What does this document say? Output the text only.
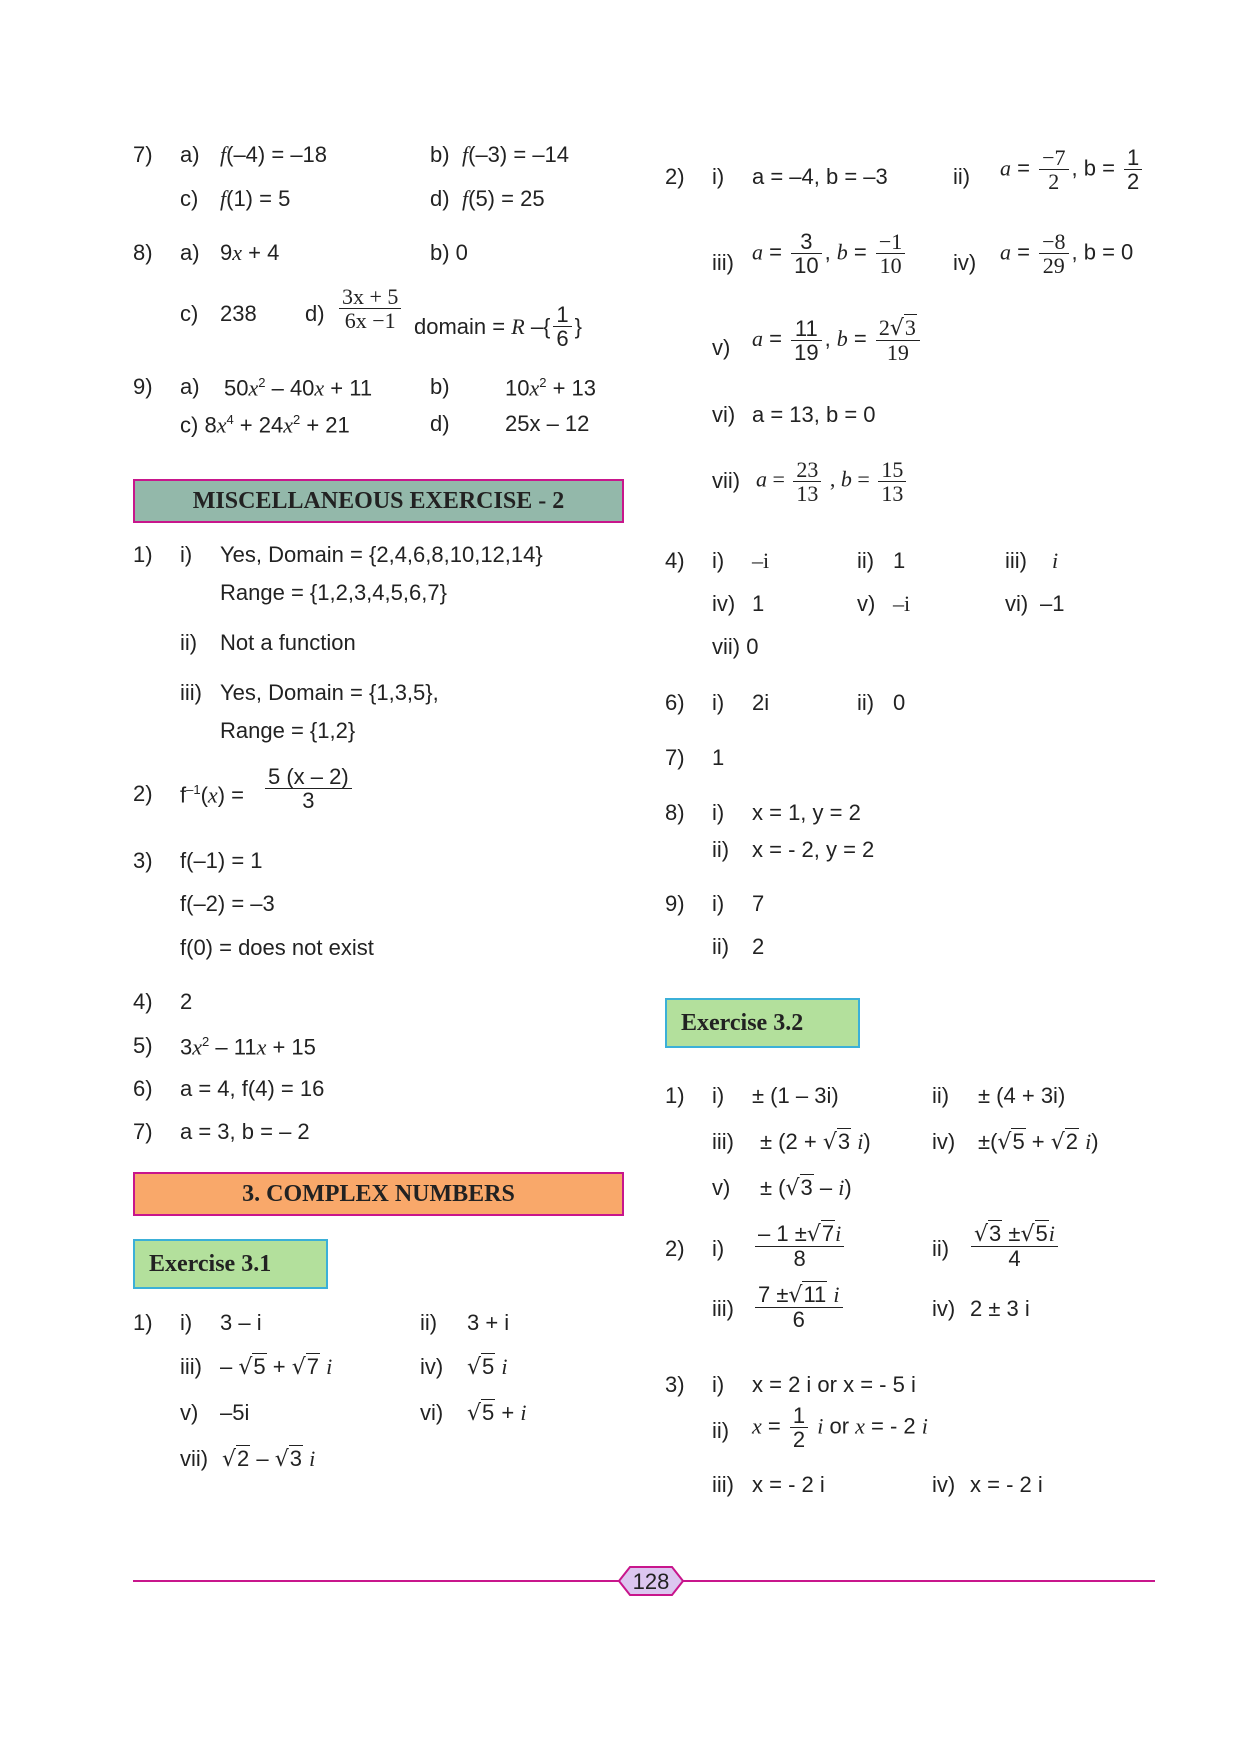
7) a) f(–4) = –18	b) f(–3) = –14
c) f(1) = 5	d) f(5) = 25
8) a) 9x + 4	b) 0
c) 238 $d) \frac{3x + 5}{6x -1}$ domain = R –{ $\frac{1}{6}$ }
9) a) $50x^2 - 40x + 11$	b)	$10x^2 + 13$
c) $8x^4 + 24x^2 + 21$	d)	25x – 12
MISCELLANEOUS EXERCISE - 2
1) i) Yes, Domain = {2,4,6,8,10,12,14}
Range = {1,2,3,4,5,6,7}
ii) Not a function
iii) Yes, Domain = {1,3,5},
Range = {1,2}
2) $f^{-1}(x) = \frac{5 (x - 2)}{3}$
3) f(–1) = 1
f(–2) = –3
f(0) = does not exist
4) 2
5) $3x^2 - 11x + 15$
6) a = 4, f(4) = 16
7) a = 3, b = – 2
3. COMPLEX NUMBERS
Exercise 3.1
1) i) 3 – i	ii) 3 + i
iii) – √5 + √7 i	iv) √5 i
v) –5i	vi) √5 + i
vii) √2 – √3 i
2) i) a = –4, b = –3	ii) $a = \frac{-7}{2}$ , $b = \frac{1}{2}$
iii) $a = \frac{3}{10}$ , $b = \frac{-1}{10} iv$) $a = \frac{-8}{29}$ , b = 0
v) $a = \frac{11}{19}$ , $b = \frac{2√3}{19}$
vi) a = 13, b = 0
vii) $a = \frac{23}{13}$ , $b = \frac{15}{13}$
4) i) –i	ii) 1	iii) i
iv) 1	v) –i	vi) –1
vii) 0
6) i) 2i	ii) 0
7) 1
8) i) x = 1, y = 2
ii) x = - 2, y = 2
9) i) 7
ii) 2
Exercise 3.2
1) i) ± (1 – 3i)	ii) ± (4 + 3i)
iii) ± (2 + √3 i)	iv) ±(√5 + √2 i)
v) ± (√3 – i)
2) $i) \frac{- 1 \pm√7i}{8}$	$ii) \frac{√3 \pm√5i}{4}$
$iii) \frac{7 \pm√11 i}{6}$	iv) 2 ± 3 i
3) i) x = 2 i or x = - 5 i
ii) $x = \frac{1}{2}$ i or x = - 2 i
iii) x = - 2 i	iv) x = - 2 i
128
